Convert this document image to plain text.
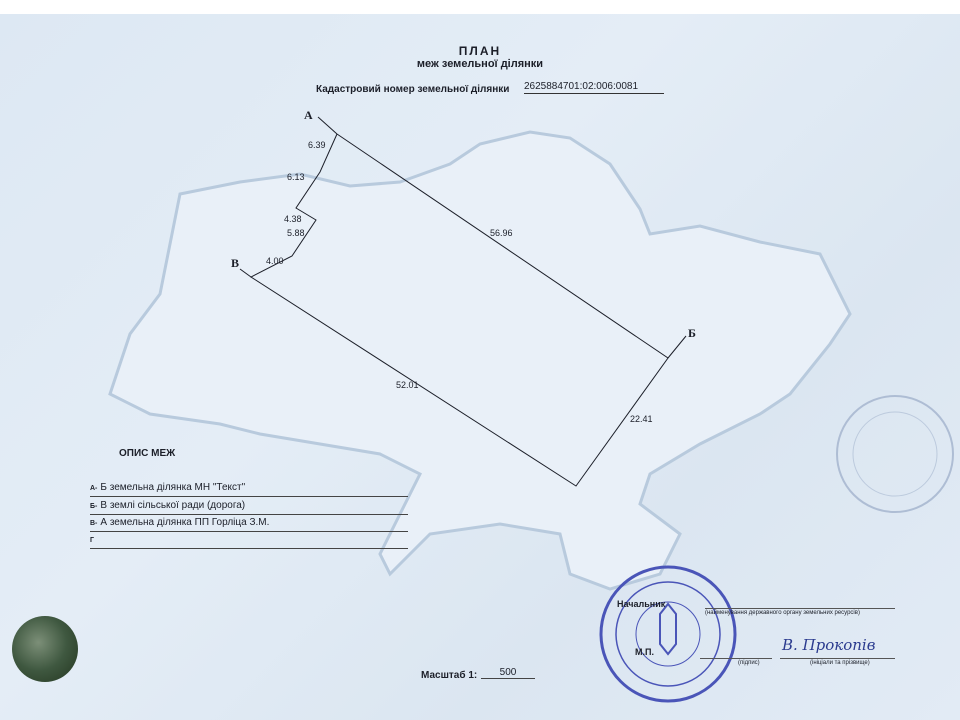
ПЛАН
меж земельної ділянки
Кадастровий номер земельної ділянки 2625884701:02:006:0081
А
Б
В
6.39
6.13
4.38
5.88
4.00
56.96
52.01
22.41
ОПИС МЕЖ
А- Б земельна ділянка МН "Текст"
Б- В землі сільської ради (дорога)
В- А земельна ділянка ПП Горліца З.М.
Г
Начальник
(найменування державного органу земельних ресурсів)
М.П.
(підпис)	(ініціали та прізвище)
В. Прокопів
Масштаб 1:	500
